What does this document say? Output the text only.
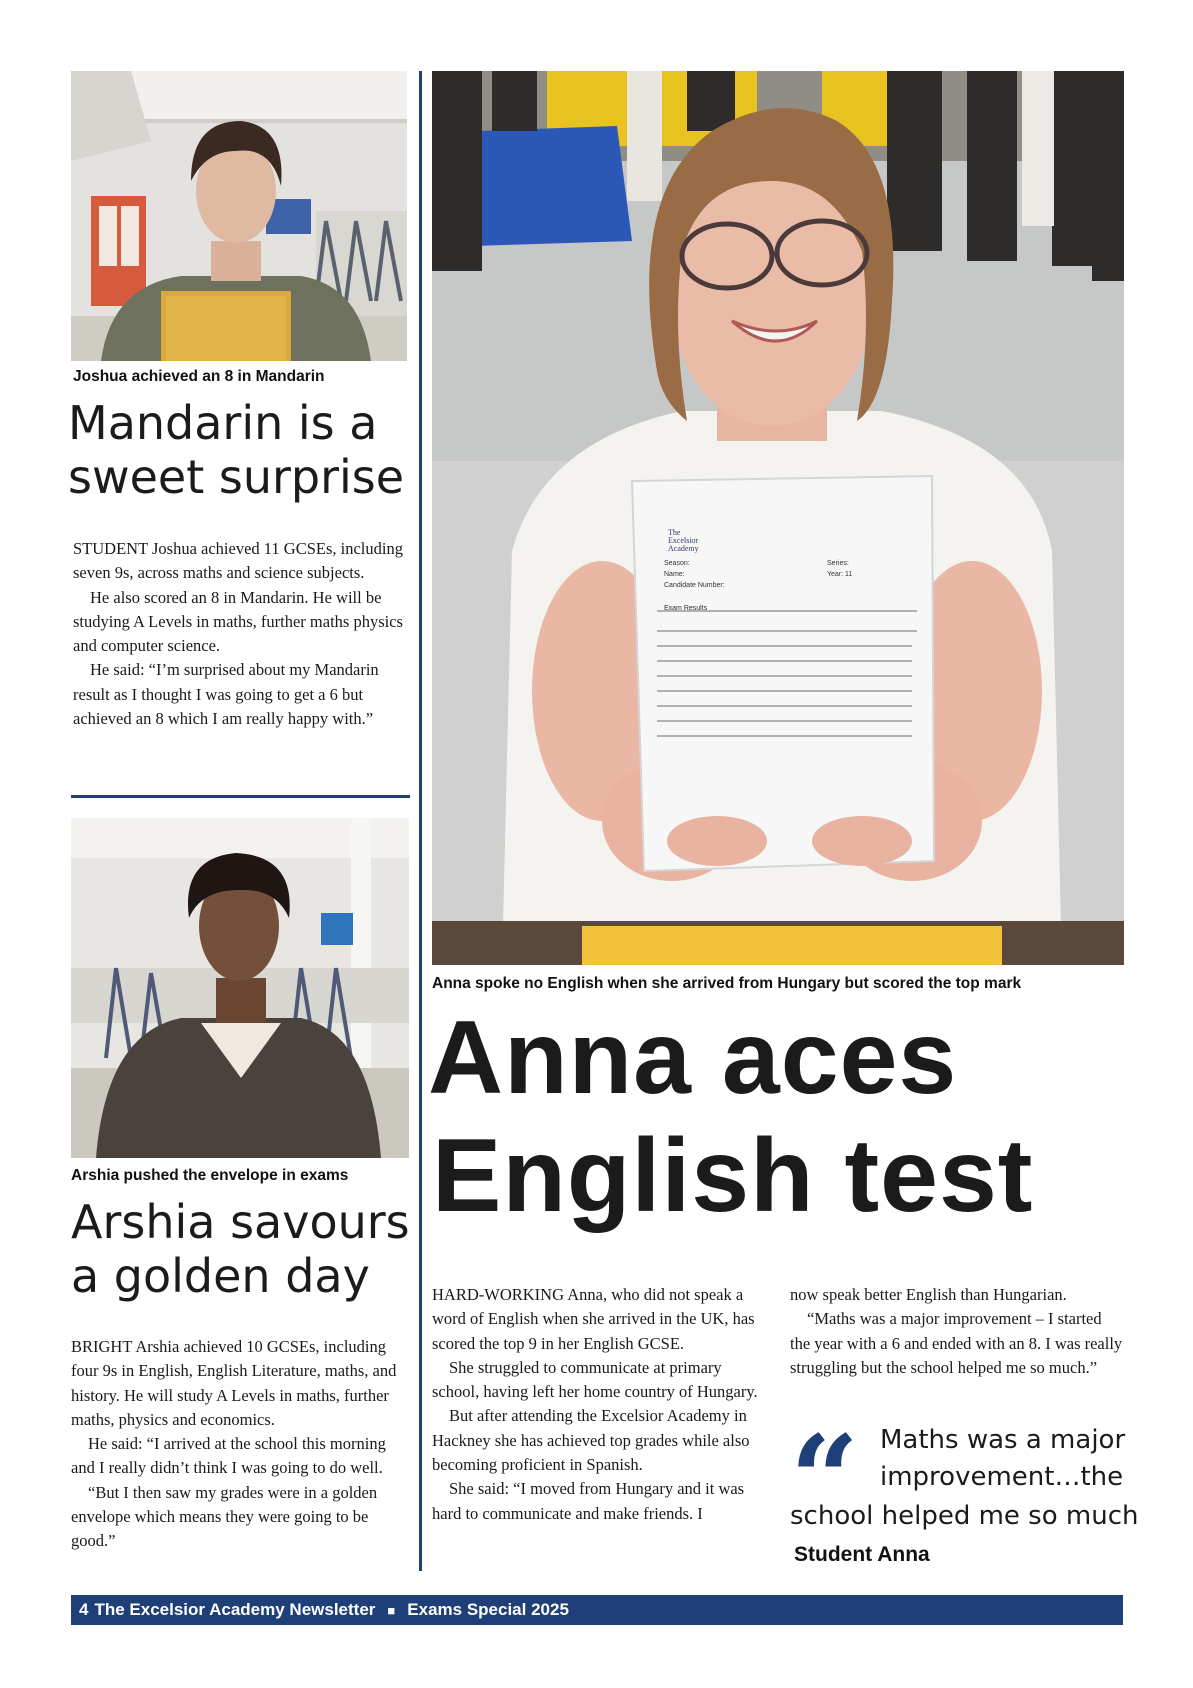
Joshua achieved an 8 in Mandarin
Mandarin is a
sweet surprise

STUDENT Joshua achieved 11 GCSEs, including seven 9s, across maths and science subjects.

He also scored an 8 in Mandarin. He will be studying A Levels in maths, further maths physics and computer science.

He said: “I’m surprised about my Mandarin result as I thought I was going to get a 6 but achieved an 8 which I am really happy with.”

Arshia pushed the envelope in exams
Arshia savours
a golden day

BRIGHT Arshia achieved 10 GCSEs, including four 9s in English, English Literature, maths, and history. He will study A Levels in maths, further maths, physics and economics.

He said: “I arrived at the school this morning and I really didn’t think I was going to do well.

“But I then saw my grades were in a golden envelope which means they were going to be good.”

The
Excelsior
Academy
Season:
Name:
Candidate Number:
Exam Results
Series:
Year: 11
Anna spoke no English when she arrived from Hungary but scored the top mark
Anna aces
English test

HARD-WORKING Anna, who did not speak a word of English when she arrived in the UK, has scored the top 9 in her English GCSE.

She struggled to communicate at primary school, having left her home country of Hungary.

But after attending the Excelsior Academy in Hackney she has achieved top grades while also becoming proficient in Spanish.

She said: “I moved from Hungary and it was hard to communicate and make friends. I

now speak better English than Hungarian.

“Maths was a major improvement – I started the year with a 6 and ended with an 8. I was really struggling but the school helped me so much.”

“ Maths was a major
improvement…the
school helped me so much
Student Anna
4 The Excelsior Academy Newsletter ■ Exams Special 2025
